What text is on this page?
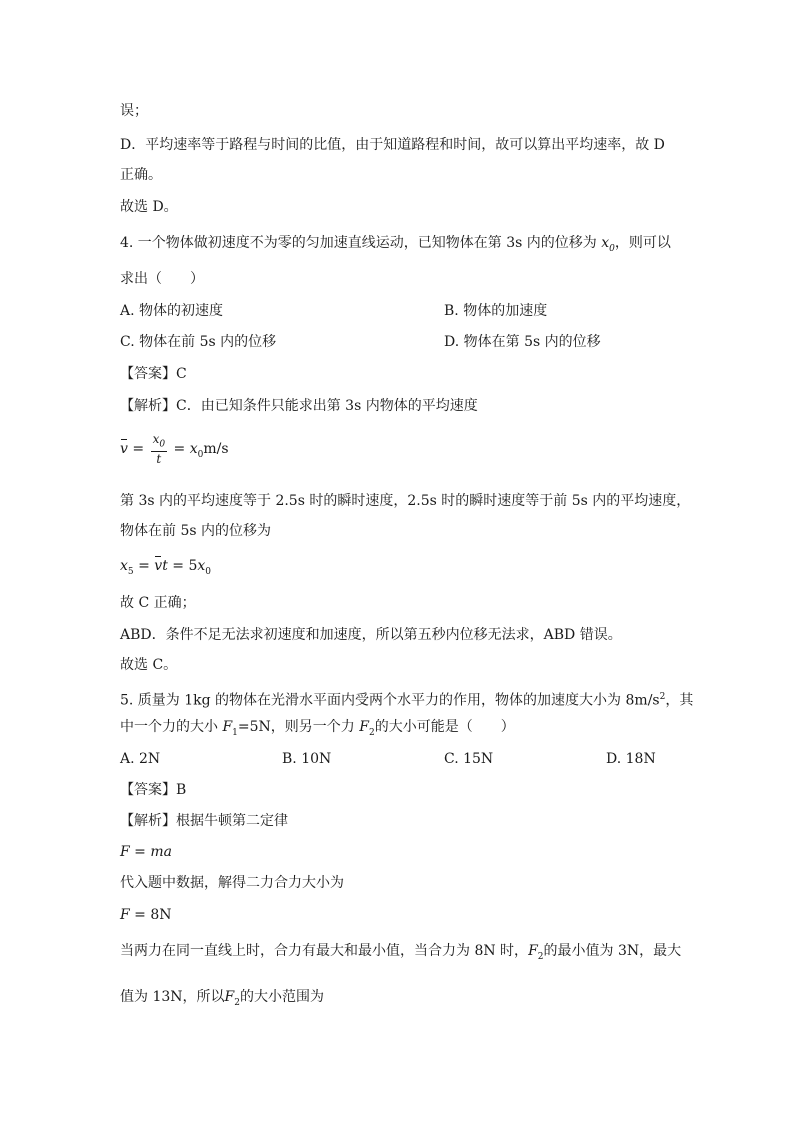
误；
D．平均速率等于路程与时间的比值，由于知道路程和时间，故可以算出平均速率，故 D
正确。
故选 D。
4. 一个物体做初速度不为零的匀加速直线运动，已知物体在第 3s 内的位移为 $x_0$，则可以
求出（　　）
A. 物体的初速度	B. 物体的加速度
C. 物体在前 5s 内的位移	D. 物体在第 5s 内的位移
【答案】C
【解析】C．由已知条件只能求出第 3s 内物体的平均速度
$v = \frac{x_0}{t} = x_0m/s$
第 3s 内的平均速度等于 2.5s 时的瞬时速度，2.5s 时的瞬时速度等于前 5s 内的平均速度，
物体在前 5s 内的位移为
$x_5$ = vt = $5x_0$
故 C 正确；
ABD．条件不足无法求初速度和加速度，所以第五秒内位移无法求，ABD 错误。
故选 C。
5. 质量为 1kg 的物体在光滑水平面内受两个水平力的作用，物体的加速度大小为 $8m/s^2$，其
中一个力的大小 $F_1=5N$，则另一个力 $F_2$的大小可能是（　　）
A. 2N	B. 10N	C. 15N	D. 18N
【答案】B
【解析】根据牛顿第二定律
F = ma
代入题中数据，解得二力合力大小为
F = 8N
当两力在同一直线上时，合力有最大和最小值，当合力为 8N 时，$F_2$的最小值为 3N，最大
值为 13N，所以$F_2$的大小范围为
